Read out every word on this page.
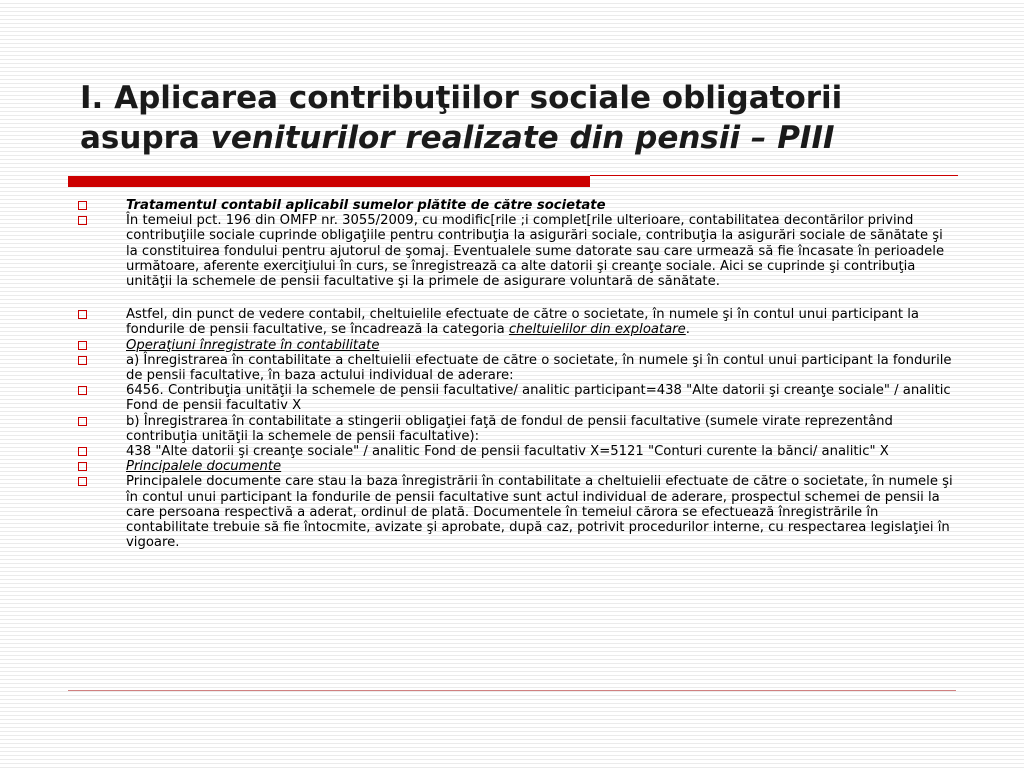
I. Aplicarea contribuţiilor sociale obligatorii
asupra veniturilor realizate din pensii – PIII
Tratamentul contabil aplicabil sumelor plătite de către societate
În temeiul pct. 196 din OMFP nr. 3055/2009, cu modific[rile ;i complet[rile ulterioare, contabilitatea decontărilor privind contribuţiile sociale cuprinde obligaţiile pentru contribuţia la asigurări sociale, contribuţia la asigurări sociale de sănătate şi la constituirea fondului pentru ajutorul de şomaj. Eventualele sume datorate sau care urmează să fie încasate în perioadele următoare, aferente exerciţiului în curs, se înregistrează ca alte datorii şi creanţe sociale. Aici se cuprinde şi contribuţia unităţii la schemele de pensii facultative şi la primele de asigurare voluntară de sănătate.
Astfel, din punct de vedere contabil, cheltuielile efectuate de către o societate, în numele şi în contul unui participant la fondurile de pensii facultative, se încadrează la categoria cheltuielilor din exploatare.
Operaţiuni înregistrate în contabilitate
a) Înregistrarea în contabilitate a cheltuielii efectuate de către o societate, în numele şi în contul unui participant la fondurile de pensii facultative, în baza actului individual de aderare:
6456. Contribuţia unităţii la schemele de pensii facultative/ analitic participant=438 "Alte datorii şi creanţe sociale" / analitic Fond de pensii facultativ X
b) Înregistrarea în contabilitate a stingerii obligaţiei faţă de fondul de pensii facultative (sumele virate reprezentând contribuţia unităţii la schemele de pensii facultative):
438 "Alte datorii şi creanţe sociale" / analitic Fond de pensii facultativ X=5121 "Conturi curente la bănci/ analitic" X
Principalele documente
Principalele documente care stau la baza înregistrării în contabilitate a cheltuielii efectuate de către o societate, în numele şi în contul unui participant la fondurile de pensii facultative sunt actul individual de aderare, prospectul schemei de pensii la care persoana respectivă a aderat, ordinul de plată. Documentele în temeiul cărora se efectuează înregistrările în contabilitate trebuie să fie întocmite, avizate şi aprobate, după caz, potrivit procedurilor interne, cu respectarea legislaţiei în vigoare.
